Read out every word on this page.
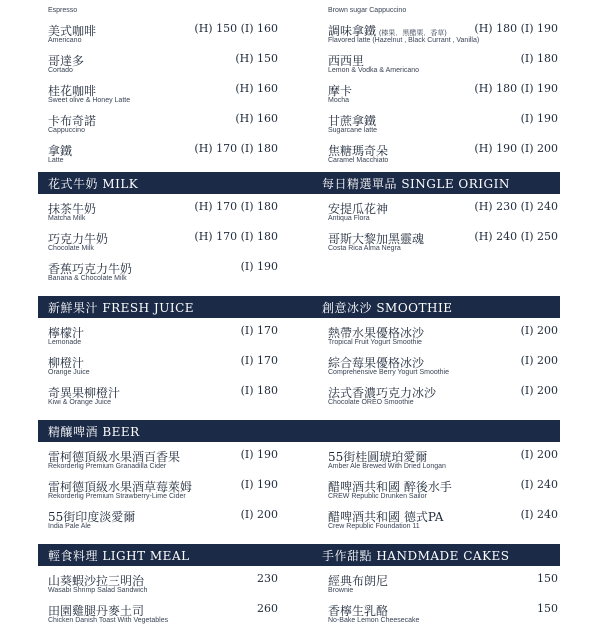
Espresso
美式咖啡
Americano
(H) 150 (I) 160
哥達多
Cortado
(H) 150
桂花咖啡
Sweet olive & Honey Latte
(H) 160
卡布奇諾
Cappuccino
(H) 160
拿鐵
Latte
(H) 170 (I) 180
Brown sugar Cappuccino
調味拿鐵 (榛果．黑醋栗．香草)
Flavored latte (Hazelnut , Black Currant , Vanilla)
(H) 180 (I) 190
西西里
Lemon & Vodka & Americano
(I) 180
摩卡
Mocha
(H) 180 (I) 190
甘蔗拿鐵
Sugarcane latte
(I) 190
焦糖瑪奇朵
Caramel Macchiato
(H) 190 (I) 200
花式牛奶 MILK	每日精選單品 SINGLE ORIGIN
抹茶牛奶
Matcha Milk
(H) 170 (I) 180
巧克力牛奶
Chocolate Milk
(H) 170 (I) 180
香蕉巧克力牛奶
Banana & Chocolate Milk
(I) 190
安提瓜花神
Antiqua Flora
(H) 230 (I) 240
哥斯大黎加黑靈魂
Costa Rica Alma Negra
(H) 240 (I) 250
新鮮果汁 FRESH JUICE	創意冰沙 SMOOTHIE
檸檬汁
Lemonade
(I) 170
柳橙汁
Orange Juice
(I) 170
奇異果柳橙汁
Kiwi & Orange Juice
(I) 180
熱帶水果優格冰沙
Tropical Fruit Yogurt Smoothie
(I) 200
綜合莓果優格冰沙
Comprehensive Berry Yogurt Smoothie
(I) 200
法式香濃巧克力冰沙
Chocolate OREO Smoothie
(I) 200
精釀啤酒 BEER
雷柯德頂級水果酒百香果
Rekorderlig Premium Granadilla Cider
(I) 190
雷柯德頂級水果酒草莓萊姆
Rekorderlig Premium Strawberry-Lime Cider
(I) 190
55街印度淡愛爾
India Pale Ale
(I) 200
55街桂圓琥珀愛爾
Amber Ale Brewed With Dried Longan
(I) 200
醋啤酒共和國 醉後水手
CREW Republic Drunken Sailor
(I) 240
醋啤酒共和國 德式PA
Crew Republic Foundation 11
(I) 240
輕食料理 LIGHT MEAL	手作甜點 HANDMADE CAKES
山葵蝦沙拉三明治
Wasabi Shrimp Salad Sandwich
230
田園雞腿丹麥土司
Chicken Danish Toast With Vegetables
260
經典布朗尼
Brownie
150
香檸生乳酪
No-Bake Lemon Cheesecake
150
